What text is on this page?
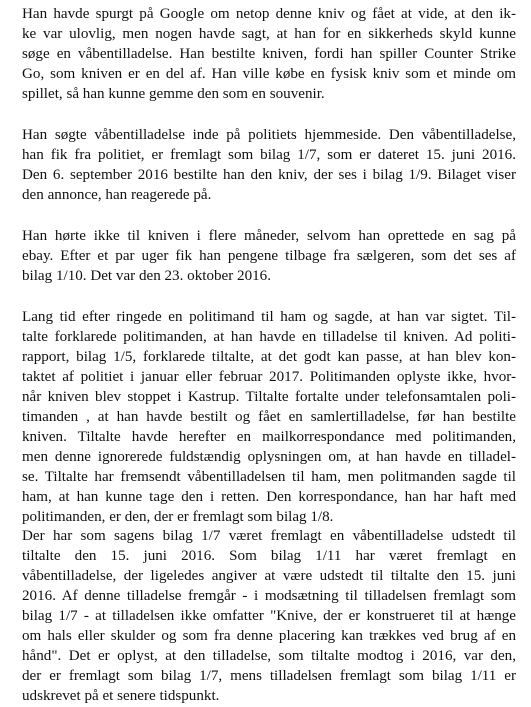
Han havde spurgt på Google om netop denne kniv og fået at vide, at den ik-
ke var ulovlig, men nogen havde sagt, at han for en sikkerheds skyld kunne
søge en våbentilladelse. Han bestilte kniven, fordi han spiller Counter Strike
Go, som kniven er en del af. Han ville købe en fysisk kniv som et minde om
spillet, så han kunne gemme den som en souvenir.
Han søgte våbentilladelse inde på politiets hjemmeside. Den våbentilladelse,
han fik fra politiet, er fremlagt som bilag 1/7, som er dateret 15. juni 2016.
Den 6. september 2016 bestilte han den kniv, der ses i bilag 1/9. Bilaget viser
den annonce, han reagerede på.
Han hørte ikke til kniven i flere måneder, selvom han oprettede en sag på
ebay. Efter et par uger fik han pengene tilbage fra sælgeren, som det ses af
bilag 1/10. Det var den 23. oktober 2016.
Lang tid efter ringede en politimand til ham og sagde, at han var sigtet. Til-
talte forklarede politimanden, at han havde en tilladelse til kniven. Ad politi-
rapport, bilag 1/5, forklarede tiltalte, at det godt kan passe, at han blev kon-
taktet af politiet i januar eller februar 2017. Politimanden oplyste ikke, hvor-
når kniven blev stoppet i Kastrup. Tiltalte fortalte under telefonsamtalen poli-
timanden , at han havde bestilt og fået en samlertilladelse, før han bestilte
kniven. Tiltalte havde herefter en mailkorrespondance med politimanden,
men denne ignorerede fuldstændig oplysningen om, at han havde en tilladel-
se. Tiltalte har fremsendt våbentilladelsen til ham, men politmanden sagde til
ham, at han kunne tage den i retten. Den korrespondance, han har haft med
politimanden, er den, der er fremlagt som bilag 1/8.
Der har som sagens bilag 1/7 været fremlagt en våbentilladelse udstedt til
tiltalte den 15. juni 2016. Som bilag 1/11 har været fremlagt en
våbentilladelse, der ligeledes angiver at være udstedt til tiltalte den 15. juni
2016. Af denne tilladelse fremgår - i modsætning til tilladelsen fremlagt som
bilag 1/7 - at tilladelsen ikke omfatter "Knive, der er konstrueret til at hænge
om hals eller skulder og som fra denne placering kan trækkes ved brug af en
hånd". Det er oplyst, at den tilladelse, som tiltalte modtog i 2016, var den,
der er fremlagt som bilag 1/7, mens tilladelsen fremlagt som bilag 1/11 er
udskrevet på et senere tidspunkt.
